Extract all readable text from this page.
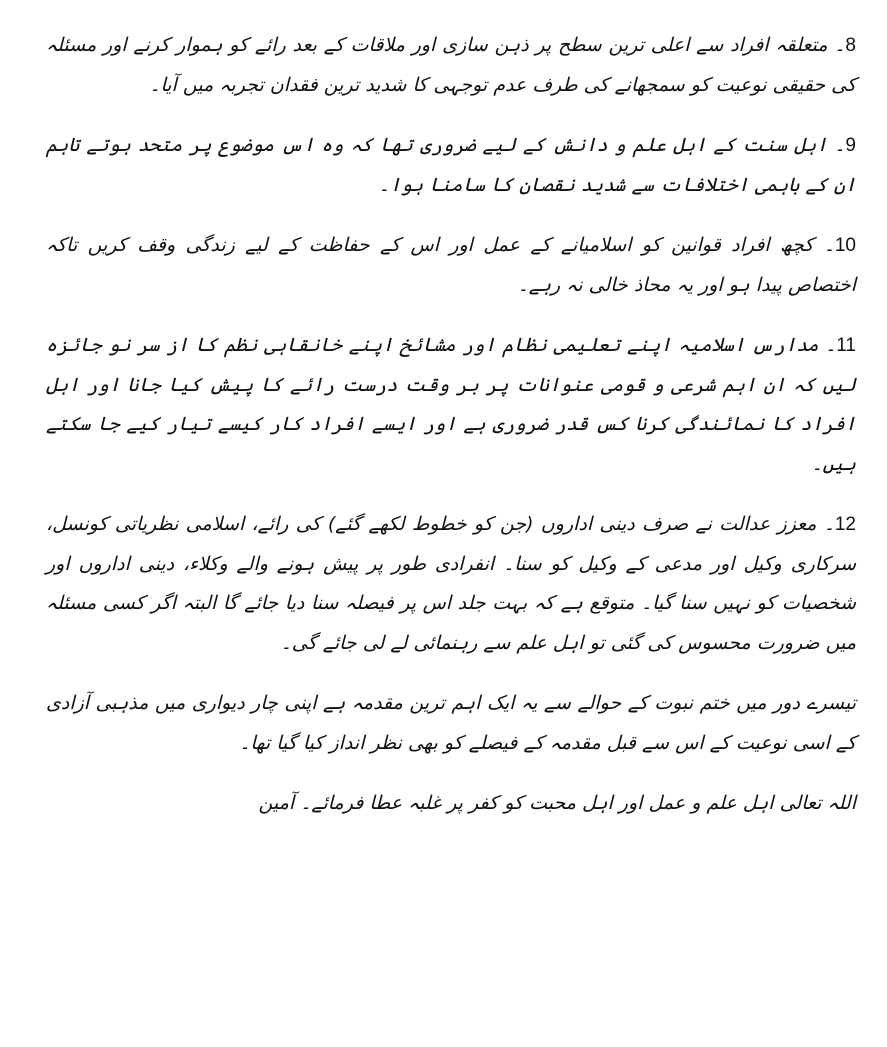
8۔ متعلقہ افراد سے اعلی ترین سطح پر ذہن سازی اور ملاقات کے بعد رائے کو ہموار کرنے اور مسئلہ کی حقیقی نوعیت کو سمجھانے کی طرف عدم توجہی کا شدید ترین فقدان تجربہ میں آیا۔

9۔ اہل سنت کے اہل علم و دانش کے لیے ضروری تھا کہ وہ اس موضوع پر متحد ہوتے تاہم ان کے باہمی اختلافات سے شدید نقصان کا سامنا ہوا۔

10۔ کچھ افراد قوانین کو اسلامیانے کے عمل اور اس کے حفاظت کے لیے زندگی وقف کریں تاکہ اختصاص پیدا ہو اور یہ محاذ خالی نہ رہے۔

11۔ مدارس اسلامیہ اپنے تعلیمی نظام اور مشائخ اپنے خانقاہی نظم کا از سر نو جائزہ لیں کہ ان اہم شرعی و قومی عنوانات پر بر وقت درست رائے کا پیش کیا جانا اور اہل افراد کا نمائندگی کرنا کس قدر ضروری ہے اور ایسے افراد کار کیسے تیار کیے جا سکتے ہیں۔

12۔ معزز عدالت نے صرف دینی اداروں (جن کو خطوط لکھے گئے) کی رائے، اسلامی نظریاتی کونسل، سرکاری وکیل اور مدعی کے وکیل کو سنا۔ انفرادی طور پر پیش ہونے والے وکلاء، دینی اداروں اور شخصیات کو نہیں سنا گیا۔ متوقع ہے کہ بہت جلد اس پر فیصلہ سنا دیا جائے گا البتہ اگر کسی مسئلہ میں ضرورت محسوس کی گئی تو اہل علم سے رہنمائی لے لی جائے گی۔

تیسرے دور میں ختم نبوت کے حوالے سے یہ ایک اہم ترین مقدمہ ہے اپنی چار دیواری میں مذہبی آزادی کے اسی نوعیت کے اس سے قبل مقدمہ کے فیصلے کو بھی نظر انداز کیا گیا تھا۔

اللہ تعالی اہل علم و عمل اور اہل محبت کو کفر پر غلبہ عطا فرمائے۔ آمین
